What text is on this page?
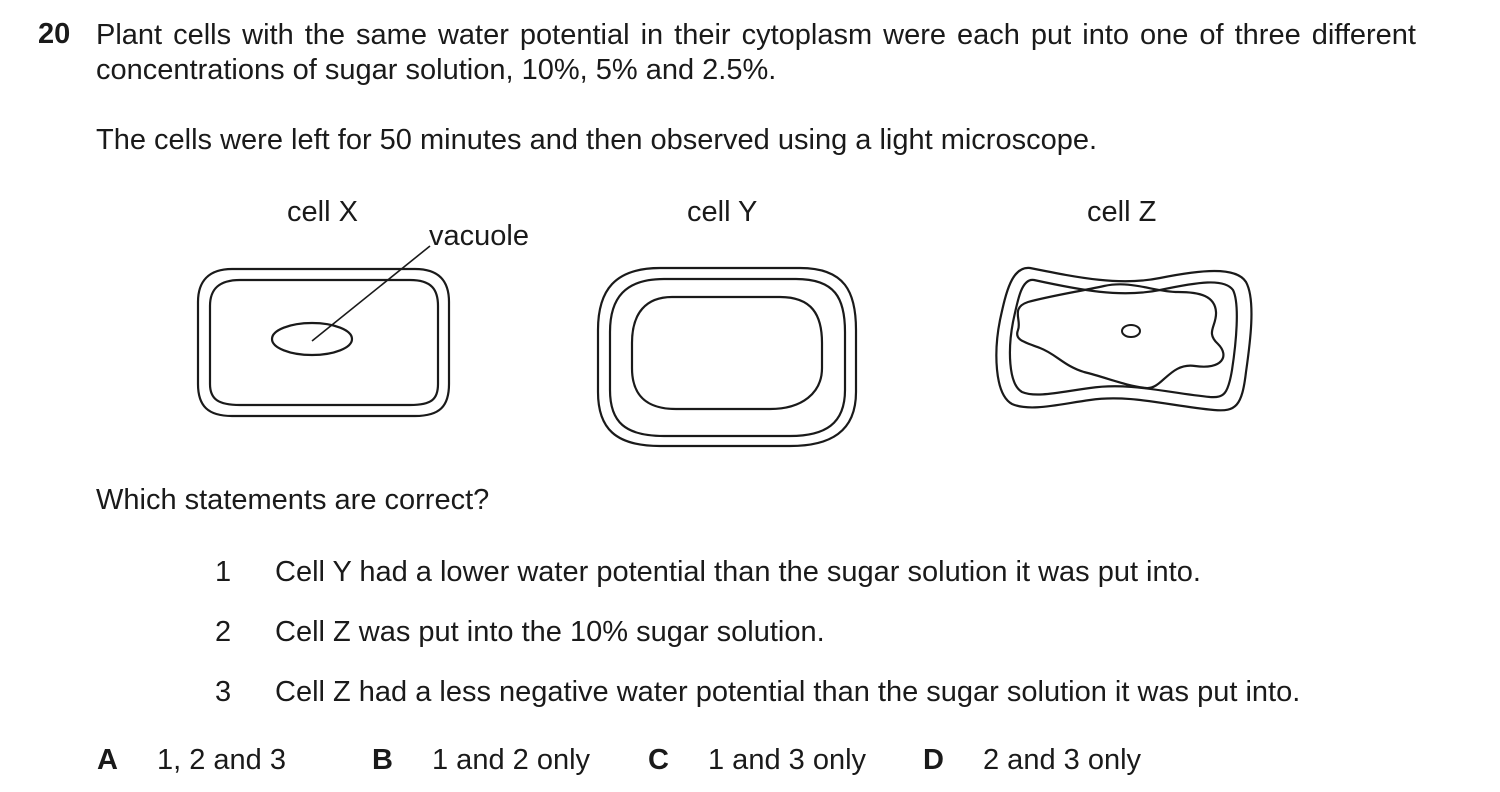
20 Plant cells with the same water potential in their cytoplasm were each put into one of three different concentrations of sugar solution, 10%, 5% and 2.5%.
The cells were left for 50 minutes and then observed using a light microscope.
cell X
vacuole
cell Y	cell Z
Which statements are correct?
1 Cell Y had a lower water potential than the sugar solution it was put into.
2 Cell Z was put into the 10% sugar solution.
3 Cell Z had a less negative water potential than the sugar solution it was put into.
A 1, 2 and 3	B 1 and 2 only C 1 and 3 only D 2 and 3 only
